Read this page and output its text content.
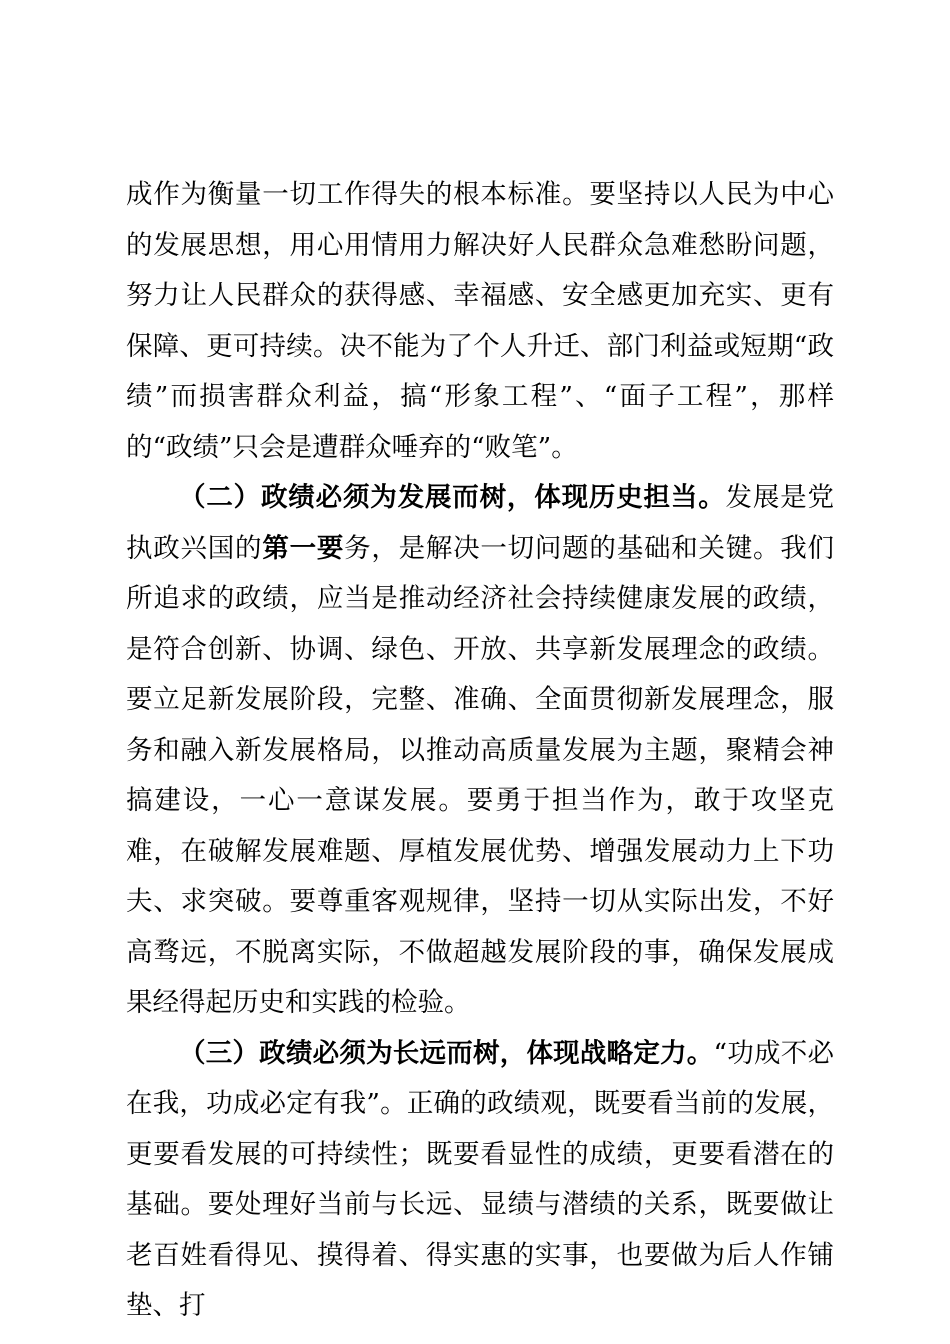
成作为衡量一切工作得失的根本标准。要坚持以人民为中心的发展思想，用心用情用力解决好人民群众急难愁盼问题，努力让人民群众的获得感、幸福感、安全感更加充实、更有保障、更可持续。决不能为了个人升迁、部门利益或短期“政绩”而损害群众利益，搞“形象工程”、“面子工程”，那样的“政绩”只会是遭群众唾弃的“败笔”。

（二）政绩必须为发展而树，体现历史担当。发展是党执政兴国的第一要务，是解决一切问题的基础和关键。我们所追求的政绩，应当是推动经济社会持续健康发展的政绩，是符合创新、协调、绿色、开放、共享新发展理念的政绩。要立足新发展阶段，完整、准确、全面贯彻新发展理念，服务和融入新发展格局，以推动高质量发展为主题，聚精会神搞建设，一心一意谋发展。要勇于担当作为，敢于攻坚克难，在破解发展难题、厚植发展优势、增强发展动力上下功夫、求突破。要尊重客观规律，坚持一切从实际出发，不好高骛远，不脱离实际，不做超越发展阶段的事，确保发展成果经得起历史和实践的检验。

（三）政绩必须为长远而树，体现战略定力。“功成不必在我，功成必定有我”。正确的政绩观，既要看当前的发展，更要看发展的可持续性；既要看显性的成绩，更要看潜在的基础。要处理好当前与长远、显绩与潜绩的关系，既要做让老百姓看得见、摸得着、得实惠的实事，也要做为后人作铺垫、打
